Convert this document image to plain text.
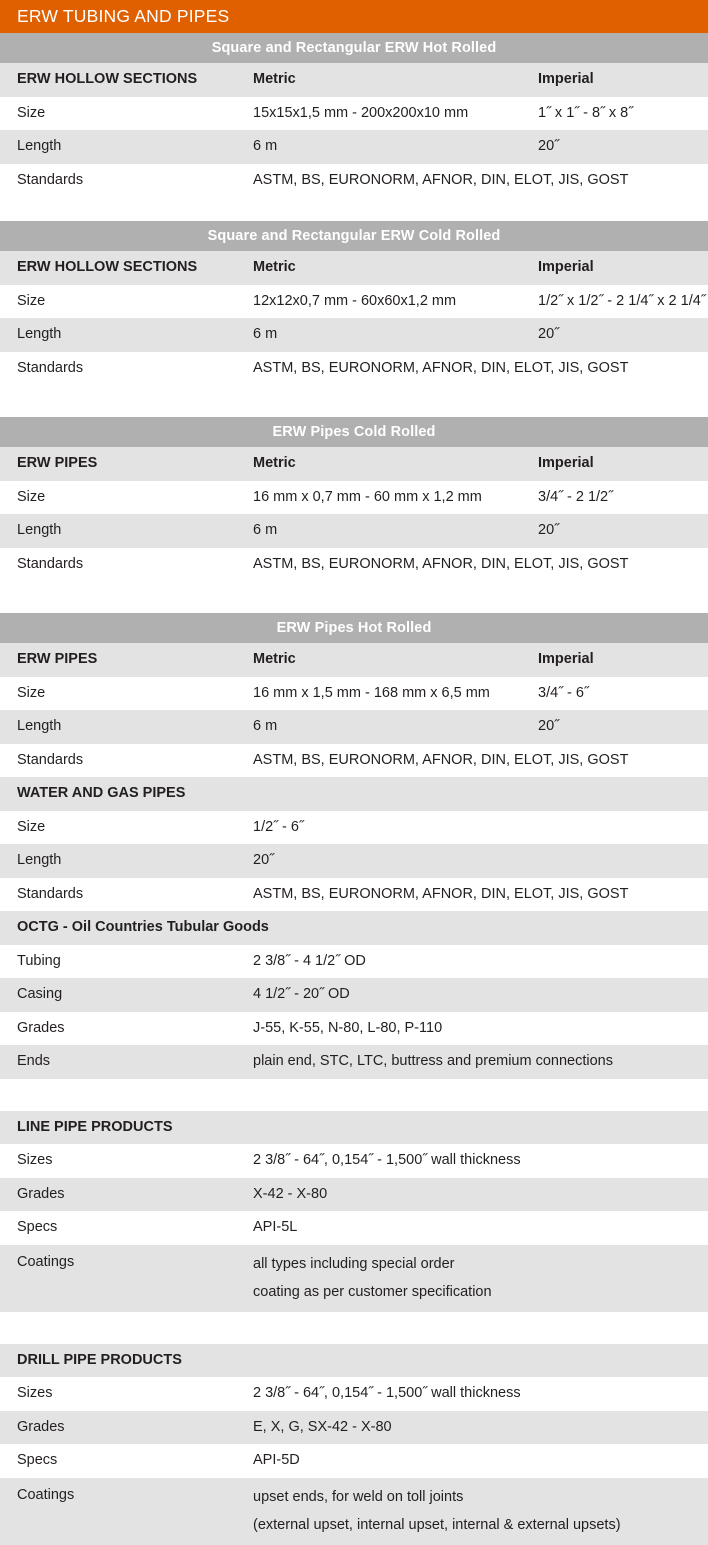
ERW TUBING AND PIPES
Square and Rectangular ERW Hot Rolled
ERW HOLLOW SECTIONS	Metric	Imperial
Size	15x15x1,5 mm - 200x200x10 mm	1˝ x 1˝ - 8˝ x 8˝
Length	6 m	20˝
Standards	ASTM, BS, EURONORM, AFNOR, DIN, ELOT, JIS, GOST
Square and Rectangular ERW Cold Rolled
ERW HOLLOW SECTIONS	Metric	Imperial
Size	12x12x0,7 mm - 60x60x1,2 mm	1/2˝ x 1/2˝ - 2 1/4˝ x 2 1/4˝
Length	6 m	20˝
Standards	ASTM, BS, EURONORM, AFNOR, DIN, ELOT, JIS, GOST
ERW Pipes Cold Rolled
ERW PIPES	Metric	Imperial
Size	16 mm x 0,7 mm - 60 mm x 1,2 mm	3/4˝ - 2 1/2˝
Length	6 m	20˝
Standards	ASTM, BS, EURONORM, AFNOR, DIN, ELOT, JIS, GOST
ERW Pipes Hot Rolled
ERW PIPES	Metric	Imperial
Size	16 mm x 1,5 mm - 168 mm x 6,5 mm	3/4˝ - 6˝
Length	6 m	20˝
Standards	ASTM, BS, EURONORM, AFNOR, DIN, ELOT, JIS, GOST
WATER AND GAS PIPES
Size	1/2˝ - 6˝
Length	20˝
Standards	ASTM, BS, EURONORM, AFNOR, DIN, ELOT, JIS, GOST
OCTG - Oil Countries Tubular Goods
Tubing	2 3/8˝ - 4 1/2˝ OD
Casing	4 1/2˝ - 20˝ OD
Grades	J-55, K-55, N-80, L-80, P-110
Ends	plain end, STC, LTC, buttress and premium connections
LINE PIPE PRODUCTS
Sizes	2 3/8˝ - 64˝, 0,154˝ - 1,500˝ wall thickness
Grades	X-42 - X-80
Specs	API-5L
Coatings	all types including special order
coating as per customer specification
DRILL PIPE PRODUCTS
Sizes	2 3/8˝ - 64˝, 0,154˝ - 1,500˝ wall thickness
Grades	E, X, G, SX-42 - X-80
Specs	API-5D
Coatings	upset ends, for weld on toll joints
(external upset, internal upset, internal & external upsets)
